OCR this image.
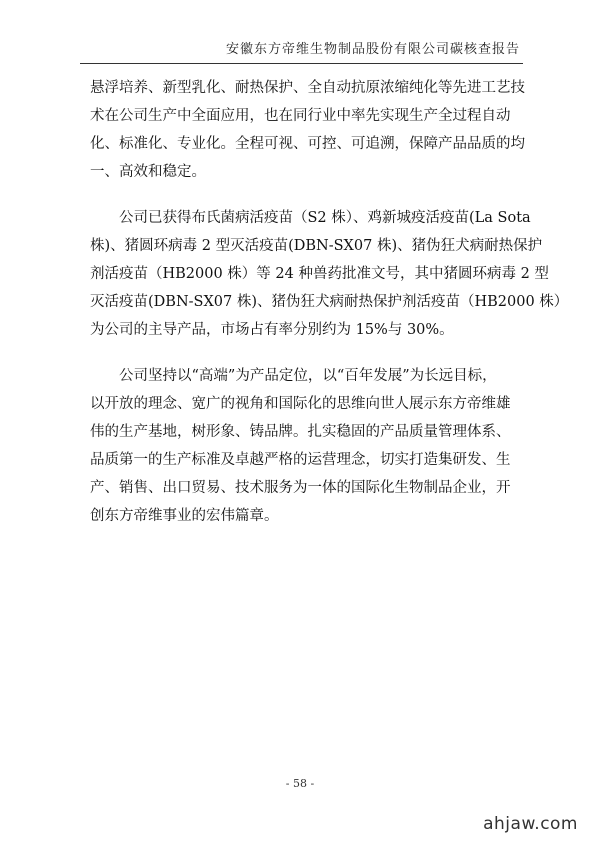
安徽东方帝维生物制品股份有限公司碳核查报告

悬浮培养、新型乳化、耐热保护、全自动抗原浓缩纯化等先进工艺技
术在公司生产中全面应用，也在同行业中率先实现生产全过程自动
化、标准化、专业化。全程可视、可控、可追溯，保障产品品质的均
一、高效和稳定。

　　公司已获得布氏菌病活疫苗（S2 株）、鸡新城疫活疫苗(La Sota
株)、猪圆环病毒 2 型灭活疫苗(DBN-SX07 株)、猪伪狂犬病耐热保护
剂活疫苗（HB2000 株）等 24 种兽药批准文号，其中猪圆环病毒 2 型
灭活疫苗(DBN-SX07 株)、猪伪狂犬病耐热保护剂活疫苗（HB2000 株）
为公司的主导产品，市场占有率分别约为 15%与 30%。

　　公司坚持以“高端”为产品定位，以“百年发展”为长远目标，
以开放的理念、宽广的视角和国际化的思维向世人展示东方帝维雄
伟的生产基地，树形象、铸品牌。扎实稳固的产品质量管理体系、
品质第一的生产标准及卓越严格的运营理念，切实打造集研发、生
产、销售、出口贸易、技术服务为一体的国际化生物制品企业，开
创东方帝维事业的宏伟篇章。

- 58 -
ahjaw.com
